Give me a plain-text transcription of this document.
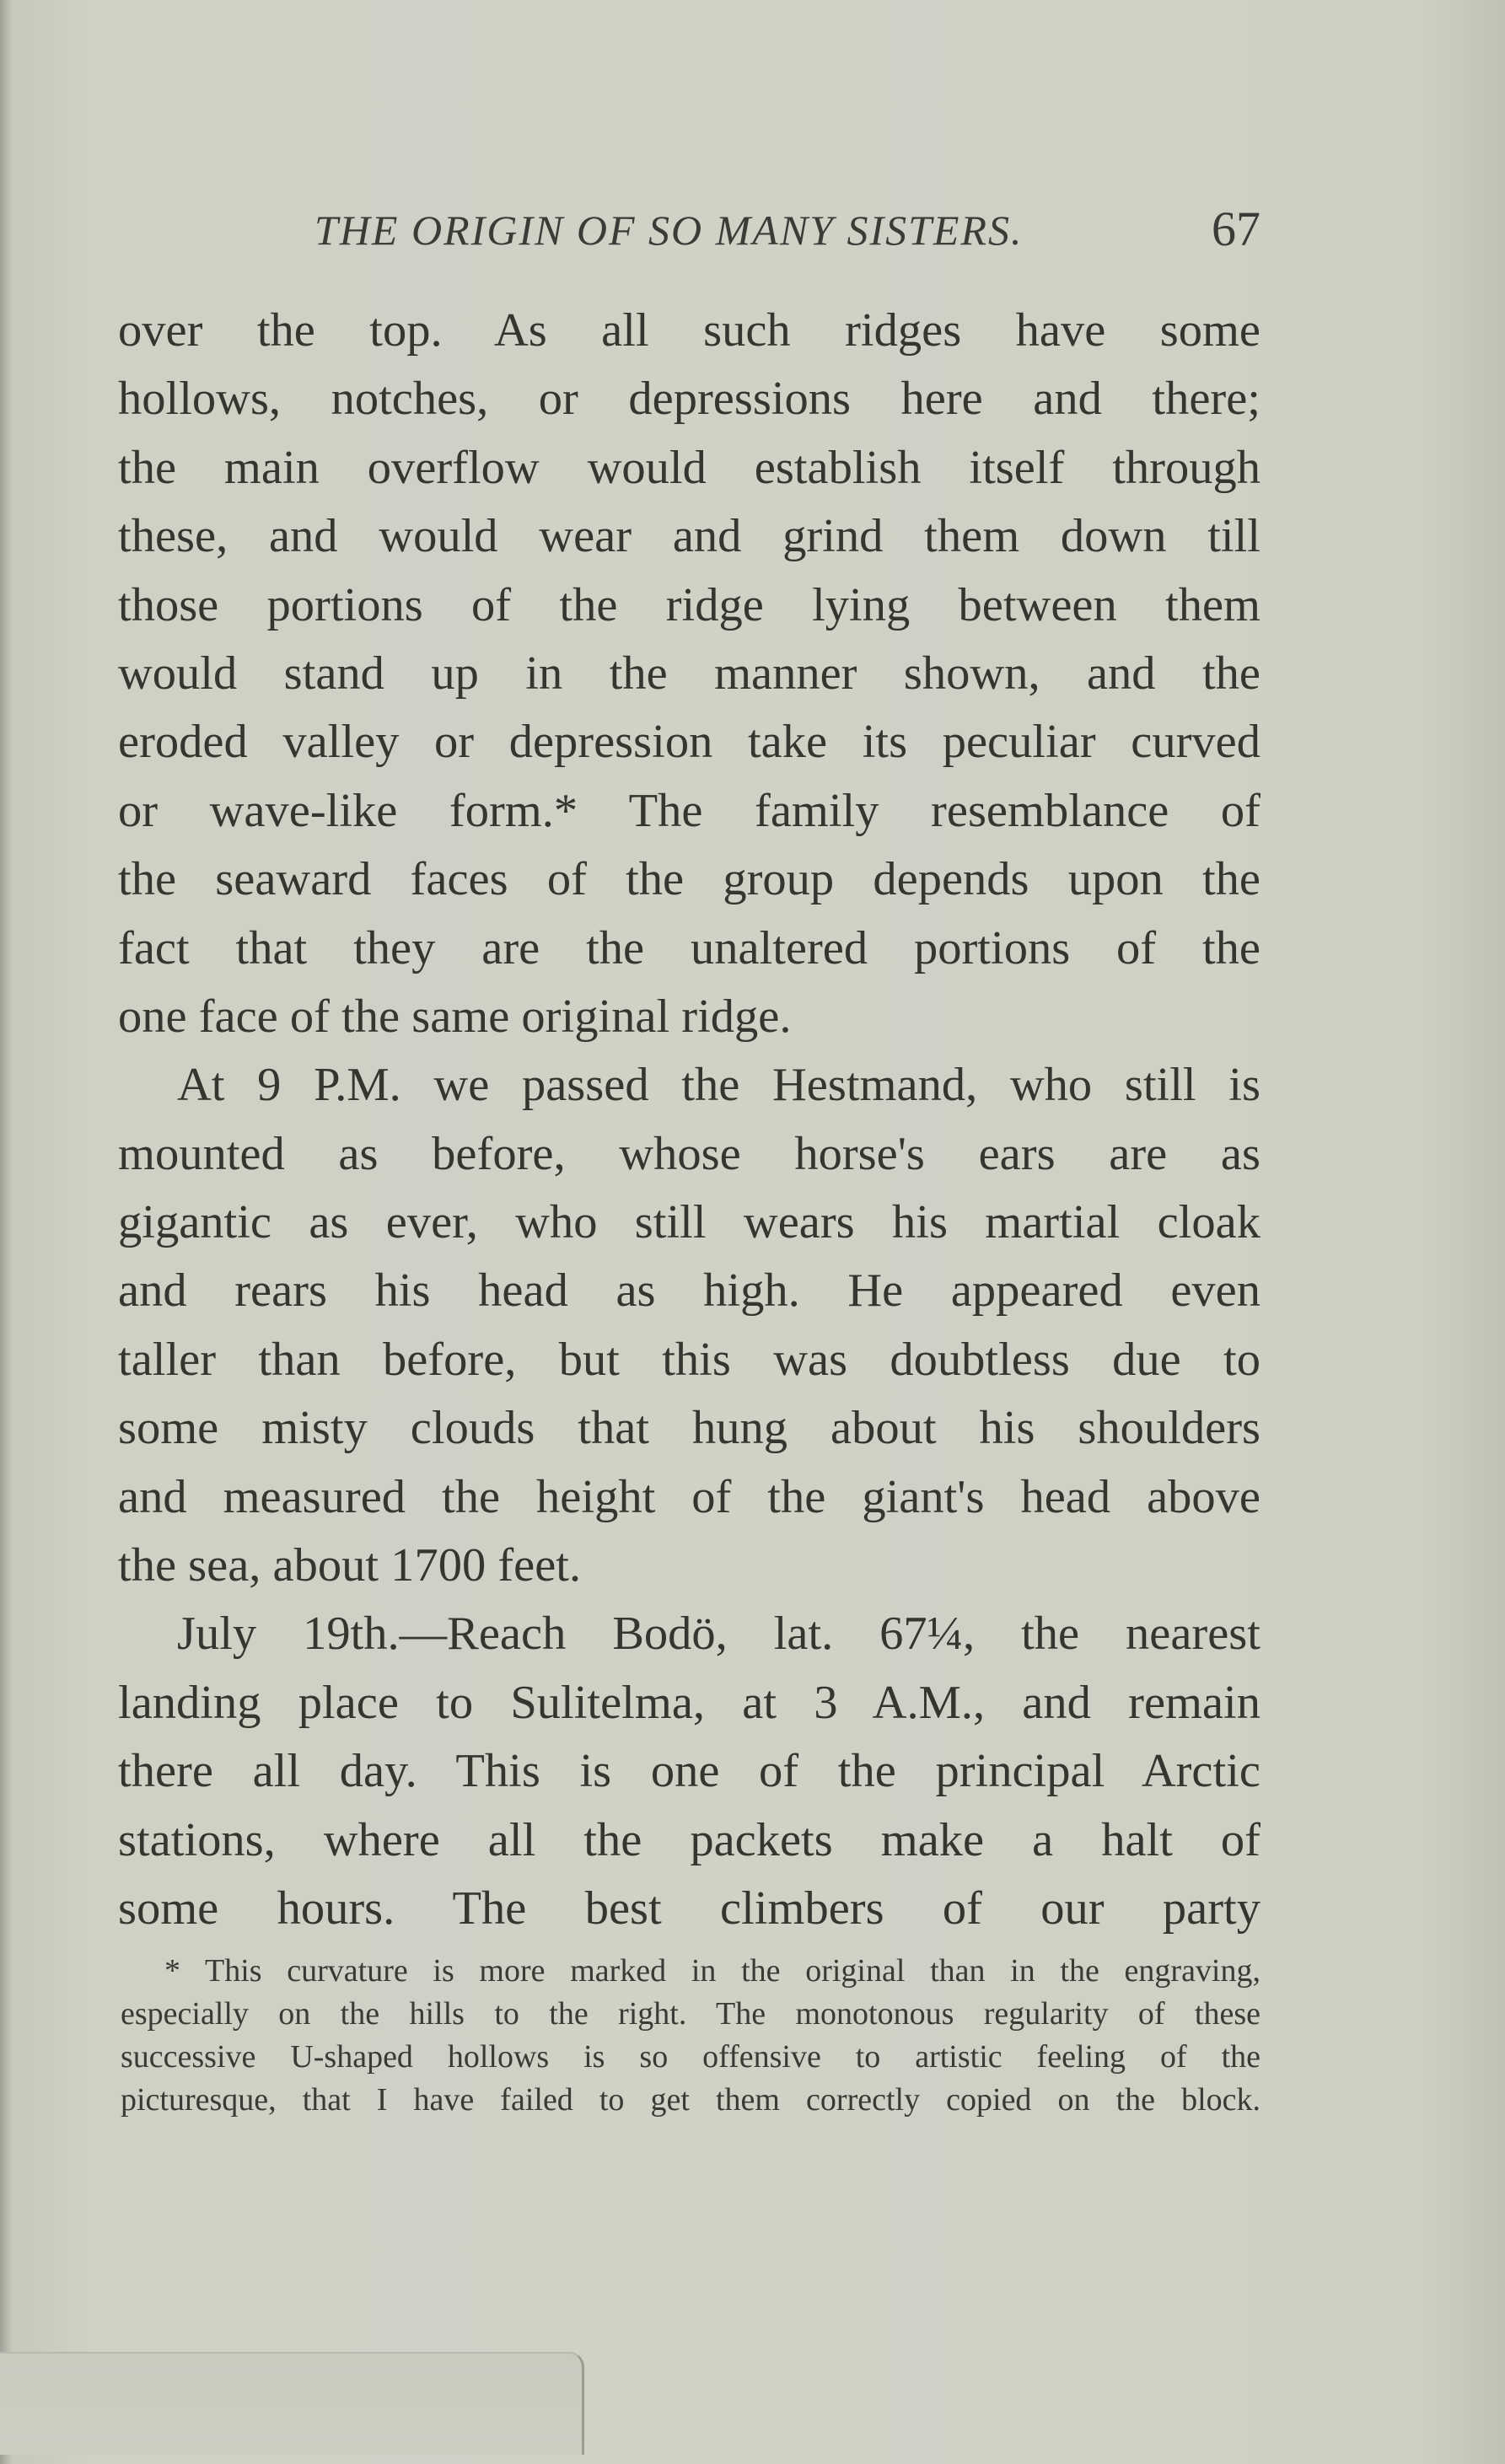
THE ORIGIN OF SO MANY SISTERS.	67
over the top. As all such ridges have some
hollows, notches, or depressions here and there;
the main overflow would establish itself through
these, and would wear and grind them down till
those portions of the ridge lying between them
would stand up in the manner shown, and the
eroded valley or depression take its peculiar curved
or wave-like form.* The family resemblance of
the seaward faces of the group depends upon the
fact that they are the unaltered portions of the
one face of the same original ridge.
At 9 P.M. we passed the Hestmand, who still is
mounted as before, whose horse's ears are as
gigantic as ever, who still wears his martial cloak
and rears his head as high. He appeared even
taller than before, but this was doubtless due to
some misty clouds that hung about his shoulders
and measured the height of the giant's head above
the sea, about 1700 feet.
July 19th.—Reach Bodö, lat. 67¼, the nearest
landing place to Sulitelma, at 3 A.M., and remain
there all day. This is one of the principal Arctic
stations, where all the packets make a halt of
some hours. The best climbers of our party
* This curvature is more marked in the original than in the engraving,
especially on the hills to the right. The monotonous regularity of these
successive U-shaped hollows is so offensive to artistic feeling of the
picturesque, that I have failed to get them correctly copied on the block.
